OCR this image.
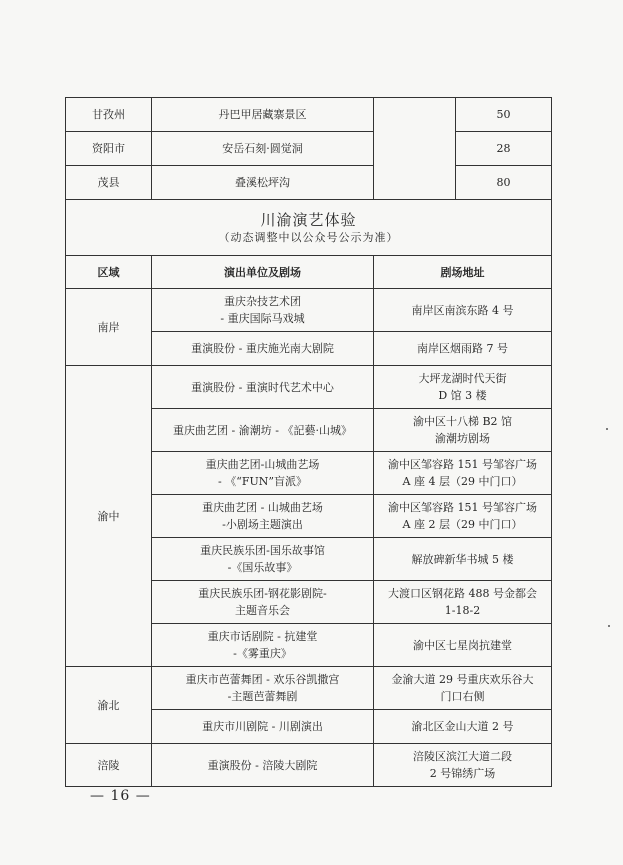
甘孜州	丹巴甲居藏寨景区		50
资阳市	安岳石刻·圆觉洞		28
茂县	叠溪松坪沟		80

川渝演艺体验
（动态调整中以公众号公示为准）			

区域	演出单位及剧场	剧场地址	
南岸	重庆杂技艺术团
- 重庆国际马戏城	南岸区南滨东路 4 号	

	重演股份 - 重庆施光南大剧院	南岸区烟雨路 7 号	

渝中	重演股份 - 重演时代艺术中心	大坪龙湖时代天街
D 馆 3 楼	

	重庆曲艺团 - 渝潮坊 - 《記藝·山城》	渝中区十八梯 B2 馆
渝潮坊剧场	

	重庆曲艺团-山城曲艺场
- 《“FUN”盲派》	渝中区邹容路 151 号邹容广场
A 座 4 层（29 中门口）	

	重庆曲艺团 - 山城曲艺场
-小剧场主题演出	渝中区邹容路 151 号邹容广场
A 座 2 层（29 中门口）	

	重庆民族乐团-国乐故事馆
-《国乐故事》	解放碑新华书城 5 楼	

	重庆民族乐团-钢花影剧院-
主题音乐会	大渡口区钢花路 488 号金都会
1-18-2	

	重庆市话剧院 - 抗建堂
-《雾重庆》	渝中区七星岗抗建堂	

渝北	重庆市芭蕾舞团 - 欢乐谷凯撒宫
-主题芭蕾舞剧	金渝大道 29 号重庆欢乐谷大
门口右侧	

	重庆市川剧院 - 川剧演出	渝北区金山大道 2 号	

涪陵	重演股份 - 涪陵大剧院	涪陵区滨江大道二段
2 号锦绣广场	
— 16 —
